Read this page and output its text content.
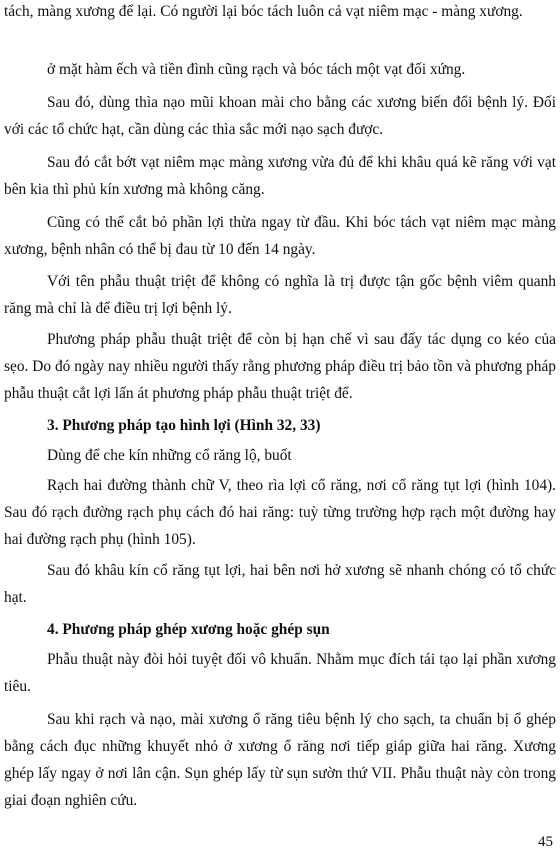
tách, màng xương để lại. Có người lại bóc tách luôn cả vạt niêm mạc - màng xương.

ở mặt hàm ếch và tiền đình cũng rạch và bóc tách một vạt đối xứng.

Sau đó, dùng thìa nạo mũi khoan mài cho bằng các xương biến đổi bệnh lý. Đối với các tổ chức hạt, cần dùng các thìa sắc mới nạo sạch được.

Sau đó cắt bớt vạt niêm mạc màng xương vừa đủ để khi khâu quá kẽ răng với vạt bên kia thì phủ kín xương mà không căng.

Cũng có thể cắt bỏ phần lợi thừa ngay từ đầu. Khi bóc tách vạt niêm mạc màng xương, bệnh nhân có thể bị đau từ 10 đến 14 ngày.

Với tên phẫu thuật triệt để không có nghĩa là trị được tận gốc bệnh viêm quanh răng mà chỉ là để điều trị lợi bệnh lý.

Phương pháp phẫu thuật triệt để còn bị hạn chế vì sau đấy tác dụng co kéo của sẹo. Do đó ngày nay nhiều người thấy rằng phương pháp điều trị bảo tồn và phương pháp phẫu thuật cắt lợi lấn át phương pháp phẫu thuật triệt để.

3. Phương pháp tạo hình lợi (Hình 32, 33)

Dùng để che kín những cổ răng lộ, buốt

Rạch hai đường thành chữ V, theo rìa lợi cổ răng, nơi cổ răng tụt lợi (hình 104). Sau đó rạch đường rạch phụ cách đó hai răng: tuỳ từng trường hợp rạch một đường hay hai đường rạch phụ (hình 105).

Sau đó khâu kín cổ răng tụt lợi, hai bên nơi hở xương sẽ nhanh chóng có tổ chức hạt.

4. Phương pháp ghép xương hoặc ghép sụn

Phẫu thuật này đòi hỏi tuyệt đối vô khuẩn. Nhằm mục đích tái tạo lại phần xương tiêu.

Sau khi rạch và nạo, mài xương ổ răng tiêu bệnh lý cho sạch, ta chuẩn bị ổ ghép bằng cách đục những khuyết nhỏ ở xương ổ răng nơi tiếp giáp giữa hai răng. Xương ghép lấy ngay ở nơi lân cận. Sụn ghép lấy từ sụn sườn thứ VII. Phẫu thuật này còn trong giai đoạn nghiên cứu.

45
